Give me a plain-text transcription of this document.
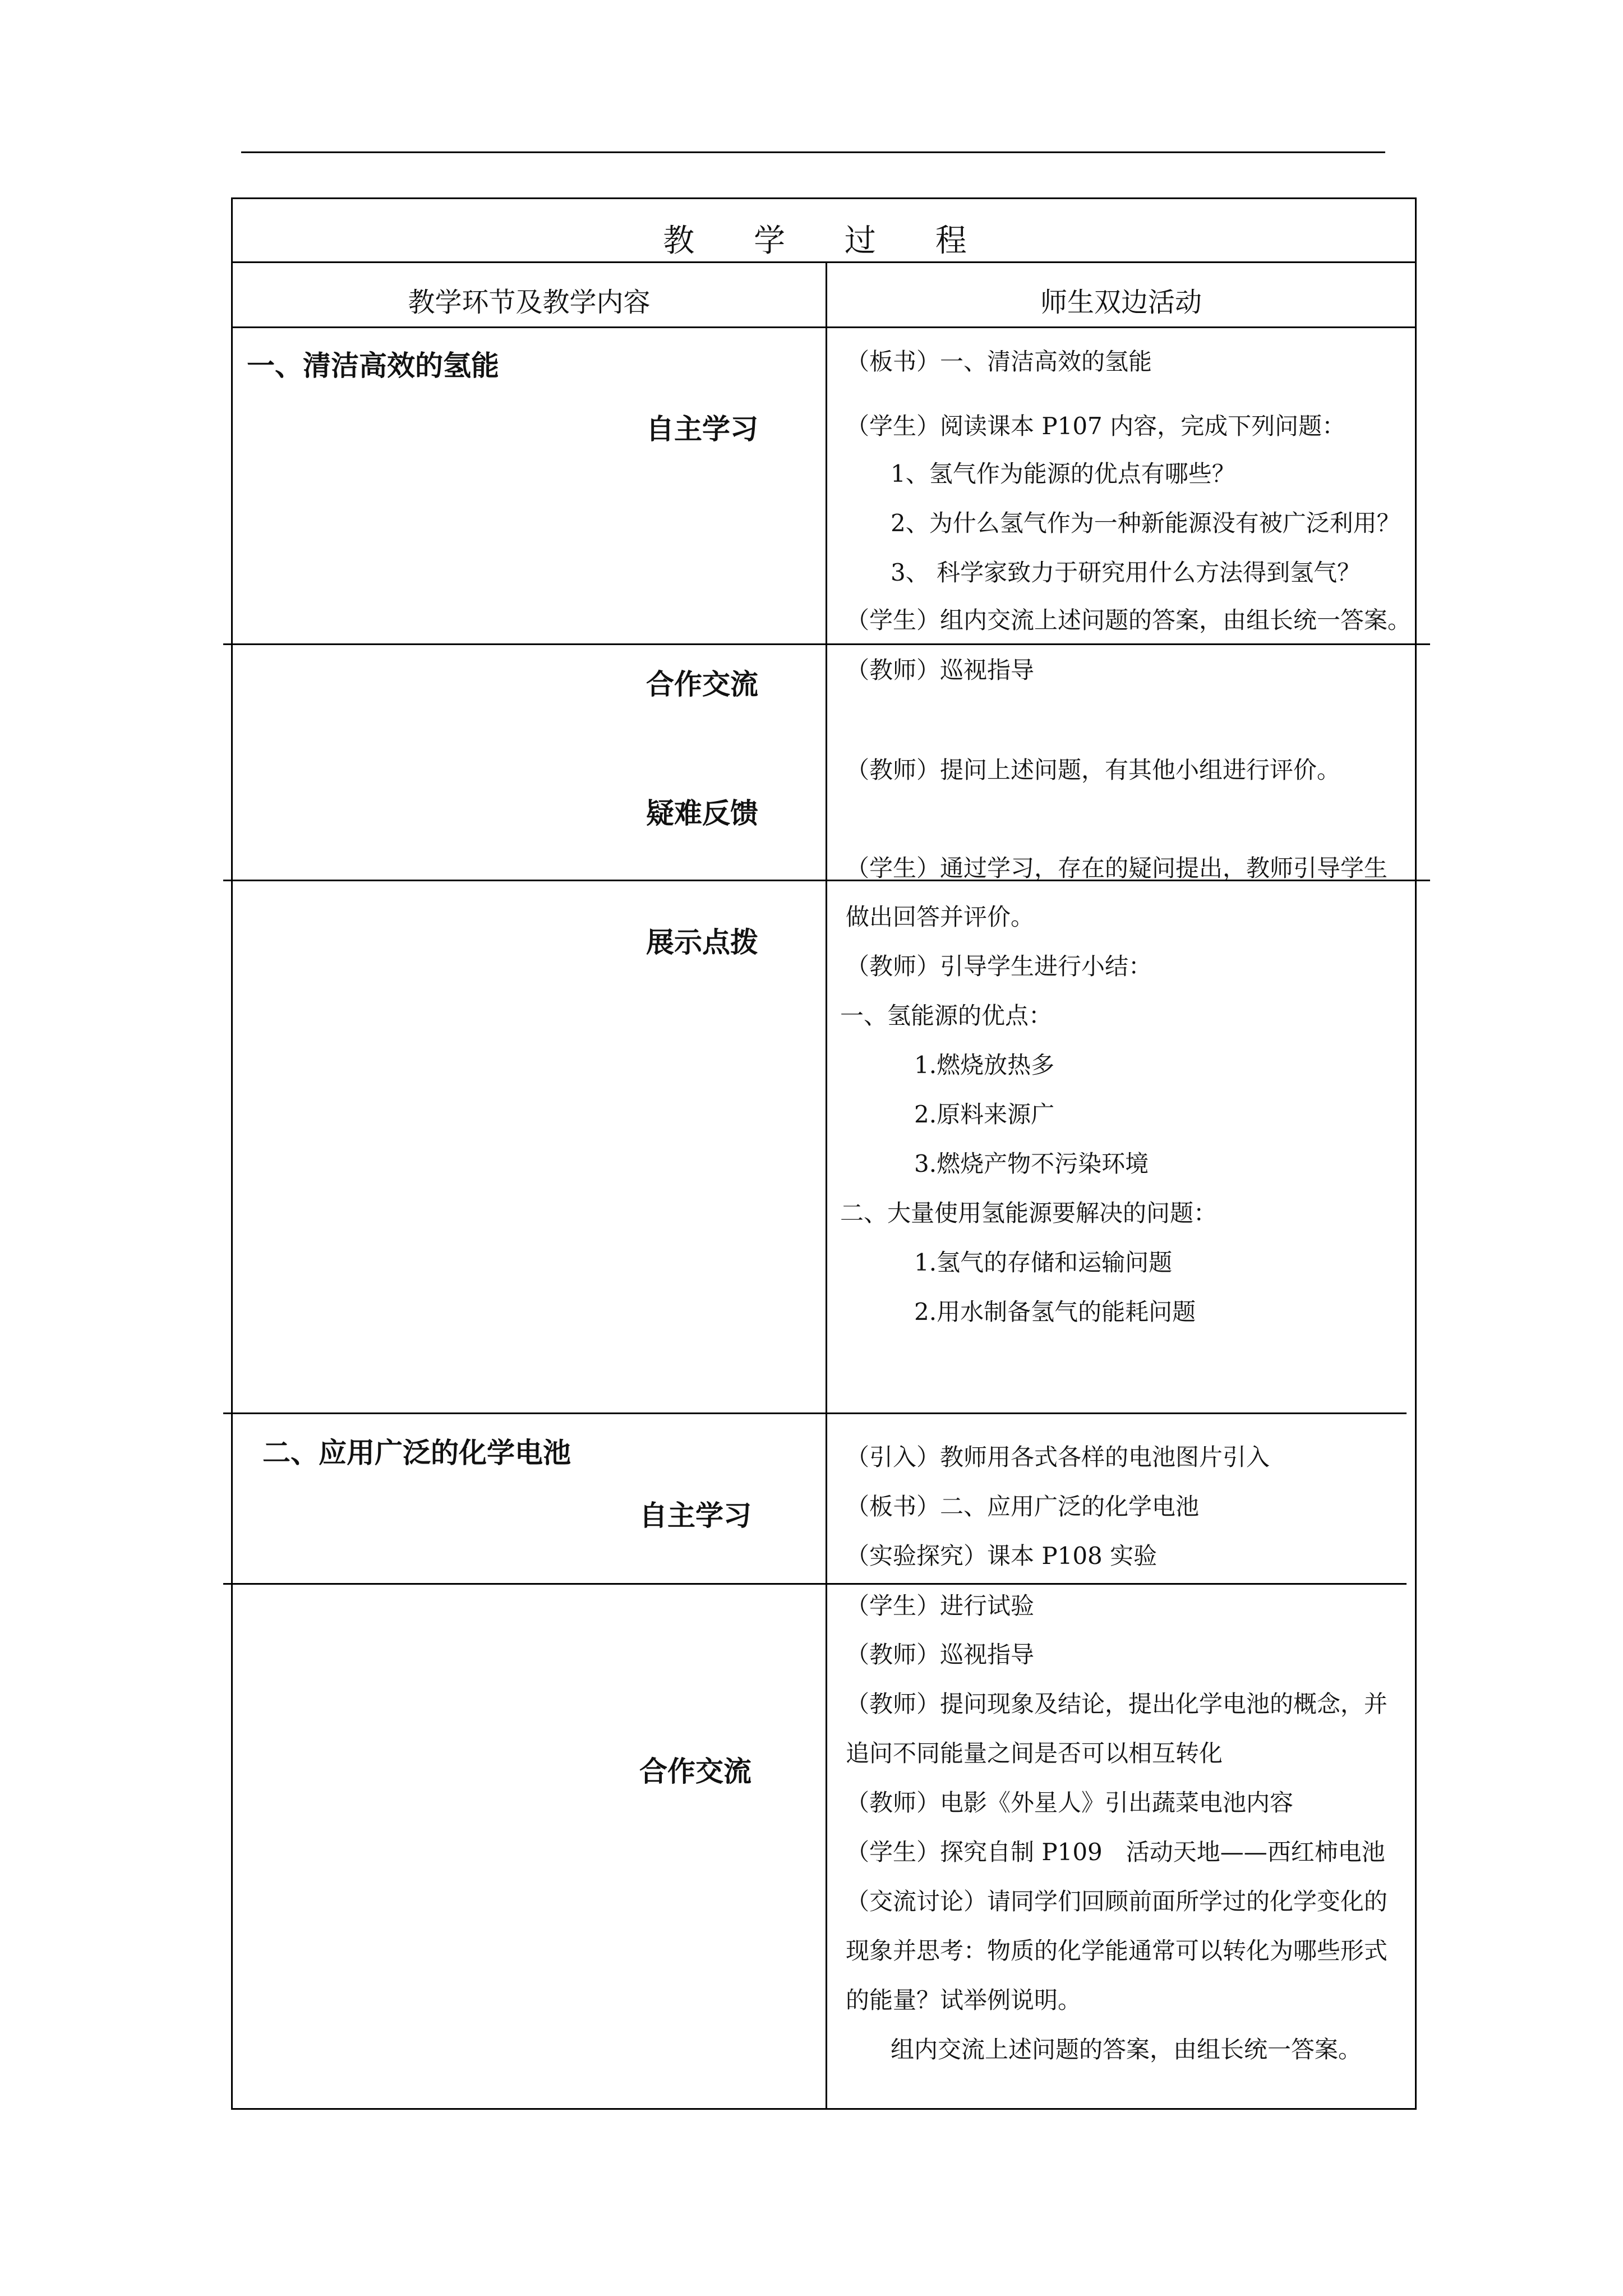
教 学 过 程
教学环节及教学内容	师生双边活动
一、清洁高效的氢能
自主学习
合作交流
疑难反馈
展示点拨
二、应用广泛的化学电池
自主学习
合作交流
（板书）一、清洁高效的氢能
（学生）阅读课本 P107 内容，完成下列问题：
1、氢气作为能源的优点有哪些？
2、为什么氢气作为一种新能源没有被广泛利用？
3、 科学家致力于研究用什么方法得到氢气？
（学生）组内交流上述问题的答案，由组长统一答案。
（教师）巡视指导
（教师）提问上述问题，有其他小组进行评价。
（学生）通过学习，存在的疑问提出，教师引导学生
做出回答并评价。
（教师）引导学生进行小结：
一、氢能源的优点：
1.燃烧放热多
2.原料来源广
3.燃烧产物不污染环境
二、大量使用氢能源要解决的问题：
1.氢气的存储和运输问题
2.用水制备氢气的能耗问题
（引入）教师用各式各样的电池图片引入
（板书）二、应用广泛的化学电池
（实验探究）课本 P108 实验
（学生）进行试验
（教师）巡视指导
（教师）提问现象及结论，提出化学电池的概念，并
追问不同能量之间是否可以相互转化
（教师）电影《外星人》引出蔬菜电池内容
（学生）探究自制 P109　活动天地——西红柿电池
（交流讨论）请同学们回顾前面所学过的化学变化的
现象并思考：物质的化学能通常可以转化为哪些形式
的能量？试举例说明。
组内交流上述问题的答案，由组长统一答案。
